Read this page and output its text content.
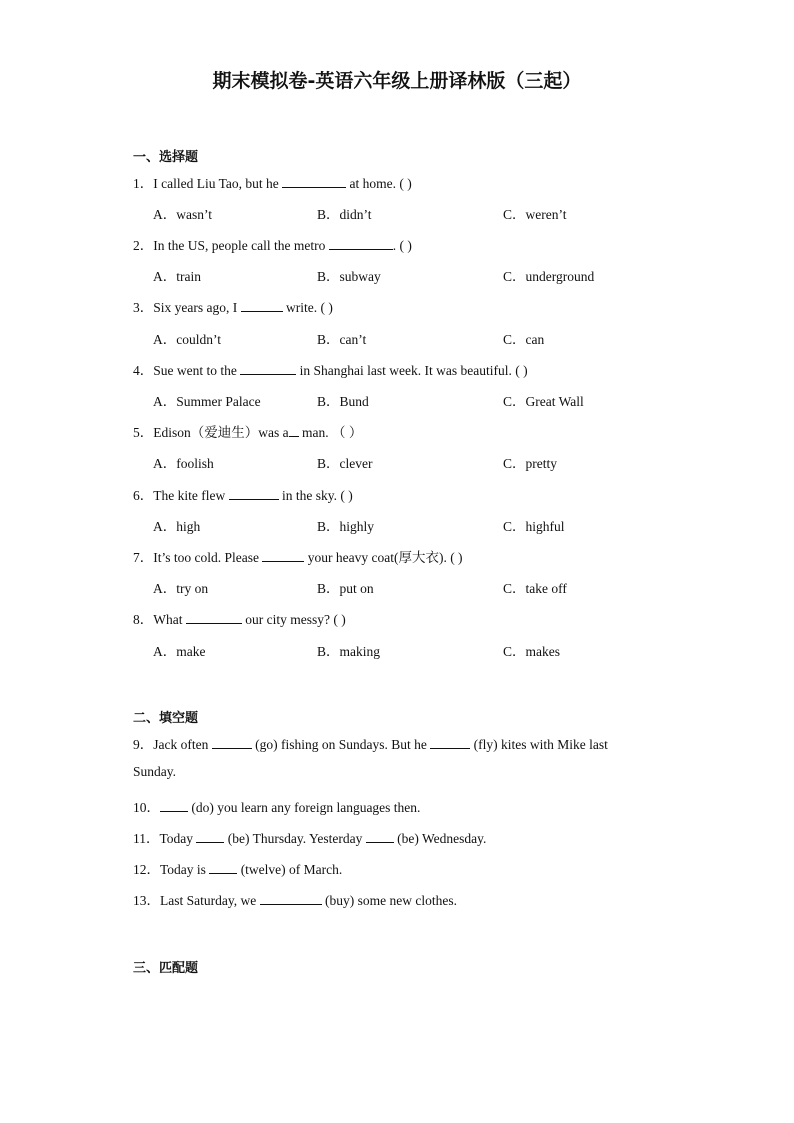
期末模拟卷-英语六年级上册译林版（三起）
一、选择题
1．I called Liu Tao, but he	at home. ( )
A．wasn’t	B．didn’t	C．weren’t
2．In the US, people call the metro	. ( )
A．train	B．subway	C．underground
3．Six years ago, I	write. ( )
A．couldn’t	B．can’t	C．can
4．Sue went to the	in Shanghai last week. It was beautiful. ( )
A．Summer Palace	B．Bund	C．Great Wall
5．Edison（爱迪生）was a man. （ ）
A．foolish	B．clever	C．pretty
6．The kite flew	in the sky. ( )
A．high	B．highly	C．highful
7．It’s too cold. Please	your heavy coat(厚大衣). ( )
A．try on	B．put on	C．take off
8．What	our city messy? ( )
A．make	B．making	C．makes
二、填空题
9．Jack often	(go) fishing on Sundays. But he	(fly) kites with Mike last
Sunday.
10． (do) you learn any foreign languages then.
11．Today  (be) Thursday. Yesterday  (be) Wednesday.
12．Today is  (twelve) of March.
13．Last Saturday, we	(buy) some new clothes.
三、匹配题
